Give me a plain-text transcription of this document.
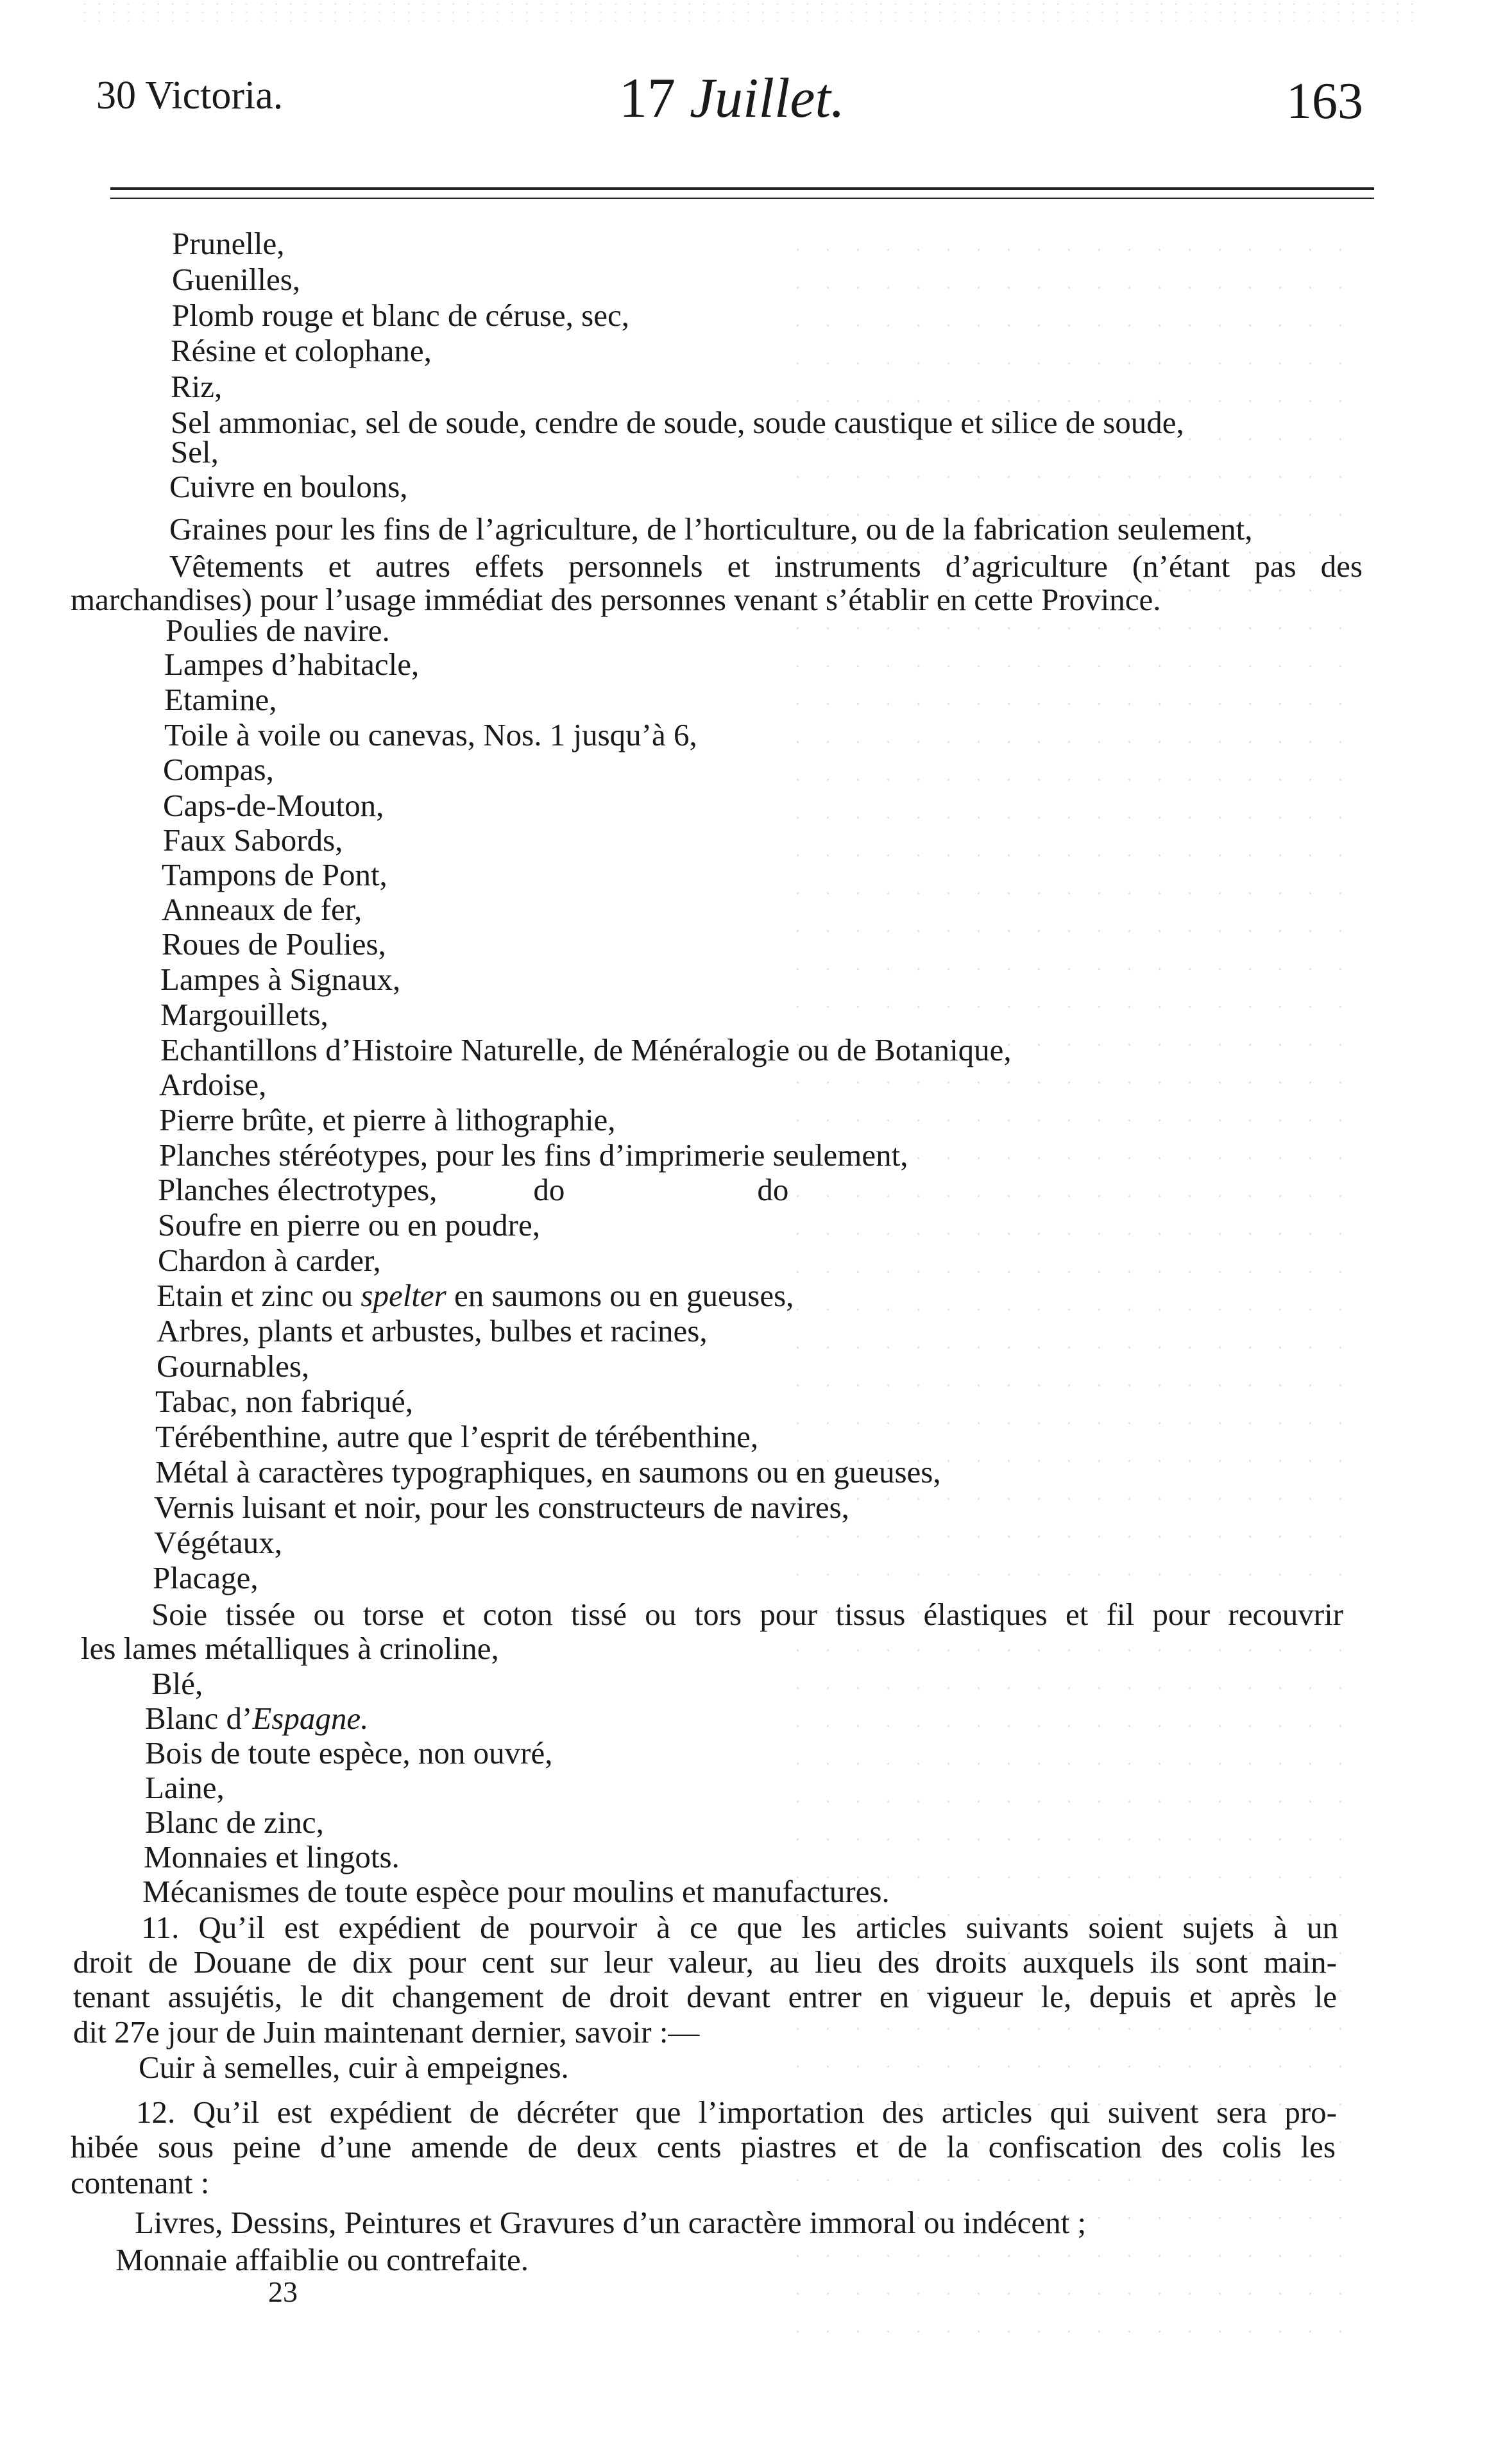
30 Victoria.	17 Juillet.	163
Prunelle,
Guenilles,
Plomb rouge et blanc de céruse, sec,
Résine et colophane,
Riz,
Sel ammoniac, sel de soude, cendre de soude, soude caustique et silice de soude,
Sel,
Cuivre en boulons,
Graines pour les fins de l’agriculture, de l’horticulture, ou de la fabrication seulement,
Vêtements et autres effets personnels et instruments d’agriculture (n’étant pas des
marchandises) pour l’usage immédiat des personnes venant s’établir en cette Province.
Poulies de navire.
Lampes d’habitacle,
Etamine,
Toile à voile ou canevas, Nos. 1 jusqu’à 6,
Compas,
Caps-de-Mouton,
Faux Sabords,
Tampons de Pont,
Anneaux de fer,
Roues de Poulies,
Lampes à Signaux,
Margouillets,
Echantillons d’Histoire Naturelle, de Ménéralogie ou de Botanique,
Ardoise,
Pierre brûte, et pierre à lithographie,
Planches stéréotypes, pour les fins d’imprimerie seulement,
Planches électrotypes,	do	do
Soufre en pierre ou en poudre,
Chardon à carder,
Etain et zinc ou spelter en saumons ou en gueuses,
Arbres, plants et arbustes, bulbes et racines,
Gournables,
Tabac, non fabriqué,
Térébenthine, autre que l’esprit de térébenthine,
Métal à caractères typographiques, en saumons ou en gueuses,
Vernis luisant et noir, pour les constructeurs de navires,
Végétaux,
Placage,
Soie tissée ou torse et coton tissé ou tors pour tissus élastiques et fil pour recouvrir
les lames métalliques à crinoline,
Blé,
Blanc d’Espagne.
Bois de toute espèce, non ouvré,
Laine,
Blanc de zinc,
Monnaies et lingots.
Mécanismes de toute espèce pour moulins et manufactures.
11. Qu’il est expédient de pourvoir à ce que les articles suivants soient sujets à un
droit de Douane de dix pour cent sur leur valeur, au lieu des droits auxquels ils sont main-
tenant assujétis, le dit changement de droit devant entrer en vigueur le, depuis et après le
dit 27e jour de Juin maintenant dernier, savoir :—
Cuir à semelles, cuir à empeignes.
12. Qu’il est expédient de décréter que l’importation des articles qui suivent sera pro-
hibée sous peine d’une amende de deux cents piastres et de la confiscation des colis les
contenant :
Livres, Dessins, Peintures et Gravures d’un caractère immoral ou indécent ;
Monnaie affaiblie ou contrefaite.
23
